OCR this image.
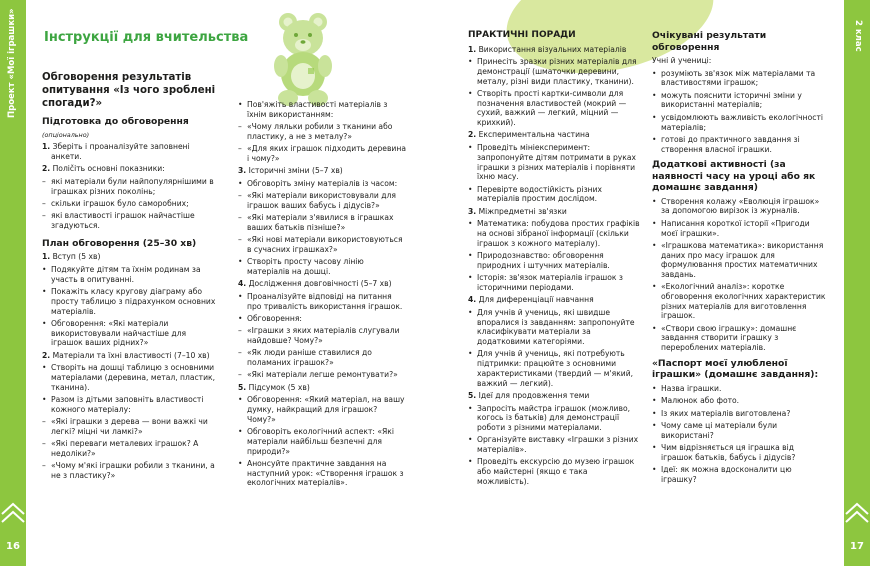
Проект «Мої іграшки»
16
2 клас
17
Інструкції для вчительства
Обговорення результатів опитування «Із чого зроблені спогади?»
Підготовка до обговорення
(опціонально)
1. Зберіть і проаналізуйте заповнені анкети.
2. Поліčіть основні показники:
– які матеріали були найпопулярнішими в іграшках різних поколінь;
– скільки іграшок було саморобних;
– які властивості іграшок найчастіше згадуються.
План обговорення (25–30 хв)
1. Вступ (5 хв)
• Подякуйте дітям та їхнім родинам за участь в опитуванні.
• Покажіть класу кругову діаграму або просту таблицю з підрахунком основних матеріалів.
• Обговорення: «Які матеріали використовували найчастіше для іграшок ваших рідних?»
2. Матеріали та їхні властивості (7–10 хв)
• Створіть на дошці таблицю з основними матеріалами (деревина, метал, пластик, тканина).
• Разом із дітьми заповніть властивості кожного матеріалу:
– «Які іграшки з дерева — вони важкі чи легкі? міцні чи ламкі?»
– «Які переваги металевих іграшок? А недоліки?»
– «Чому м'які іграшки робили з тканини, а не з пластику?»
• Пов'яжіть властивості матеріалів з їхнім використанням:
– «Чому ляльки робили з тканини або пластику, а не з металу?»
– «Для яких іграшок підходить деревина і чому?»
3. Історичні зміни (5–7 хв)
• Обговоріть зміну матеріалів із часом:
– «Які матеріали використовували для іграшок ваших бабусь і дідусів?»
– «Які матеріали з'явилися в іграшках ваших батьків пізніше?»
– «Які нові матеріали використовуються в сучасних іграшках?»
• Створіть просту часову лінію матеріалів на дошці.
4. Дослідження довговічності (5–7 хв)
• Проаналізуйте відповіді на питання про тривалість використання іграшок.
• Обговорення:
– «Іграшки з яких матеріалів слугували найдовше? Чому?»
– «Як люди раніше ставилися до поламаних іграшок?»
– «Які матеріали легше ремонтувати?»
5. Підсумок (5 хв)
• Обговорення: «Який матеріал, на вашу думку, найкращий для іграшок? Чому?»
• Обговоріть екологічний аспект: «Які матеріали найбільш безпечні для природи?»
• Анонсуйте практичне завдання на наступний урок: «Створення іграшок з екологічних матеріалів».
ПРАКТИЧНІ ПОРАДИ
1. Використання візуальних матеріалів
• Принесіть зразки різних матеріалів для демонстрації (шматочки деревини, металу, різні види пластику, тканини).
• Створіть прості картки-символи для позначення властивостей (мокрий — сухий, важкий — легкий, міцний — крихкий).
2. Експериментальна частина
• Проведіть мініексперимент: запропонуйте дітям потримати в руках іграшки з різних матеріалів і порівняти їхню масу.
• Перевірте водостійкість різних матеріалів простим дослідом.
3. Міжпредметні зв'язки
• Математика: побудова простих графіків на основі зібраної інформації (скільки іграшок з кожного матеріалу).
• Природознавство: обговорення природних і штучних матеріалів.
• Історія: зв'язок матеріалів іграшок з історичними періодами.
4. Для диференціації навчання
• Для учнів й учениць, які швидше впоралися із завданням: запропонуйте класифікувати матеріали за додатковими категоріями.
• Для учнів й учениць, які потребують підтримки: працюйте з основними характеристиками (твердий — м'який, важкий — легкий).
5. Ідеї для продовження теми
• Запросіть майстра іграшок (можливо, когось із батьків) для демонстрації роботи з різними матеріалами.
• Організуйте виставку «Іграшки з різних матеріалів».
• Проведіть екскурсію до музею іграшок або майстерні (якщо є така можливість).
Очікувані результати обговорення
Учні й учениці:
• розуміють зв'язок між матеріалами та властивостями іграшок;
• можуть пояснити історичні зміни у використанні матеріалів;
• усвідомлюють важливість екологічності матеріалів;
• готові до практичного завдання зі створення власної іграшки.
Додаткові активності (за наявності часу на уроці або як домашнє завдання)
• Створення колажу «Еволюція іграшок» за допомогою вирізок із журналів.
• Написання короткої історії «Пригоди моєї іграшки».
• «Іграшкова математика»: використання даних про масу іграшок для формулювання простих математичних завдань.
• «Екологічний аналіз»: коротке обговорення екологічних характеристик різних матеріалів для виготовлення іграшок.
• «Створи свою іграшку»: домашнє завдання створити іграшку з перероблених матеріалів.
«Паспорт моєї улюбленої іграшки» (домашнє завдання):
• Назва іграшки.
• Малюнок або фото.
• Із яких матеріалів виготовлена?
• Чому саме ці матеріали були використані?
• Чим відрізняється ця іграшка від іграшок батьків, бабусь і дідусів?
• Ідеї: як можна вдосконалити цю іграшку?
